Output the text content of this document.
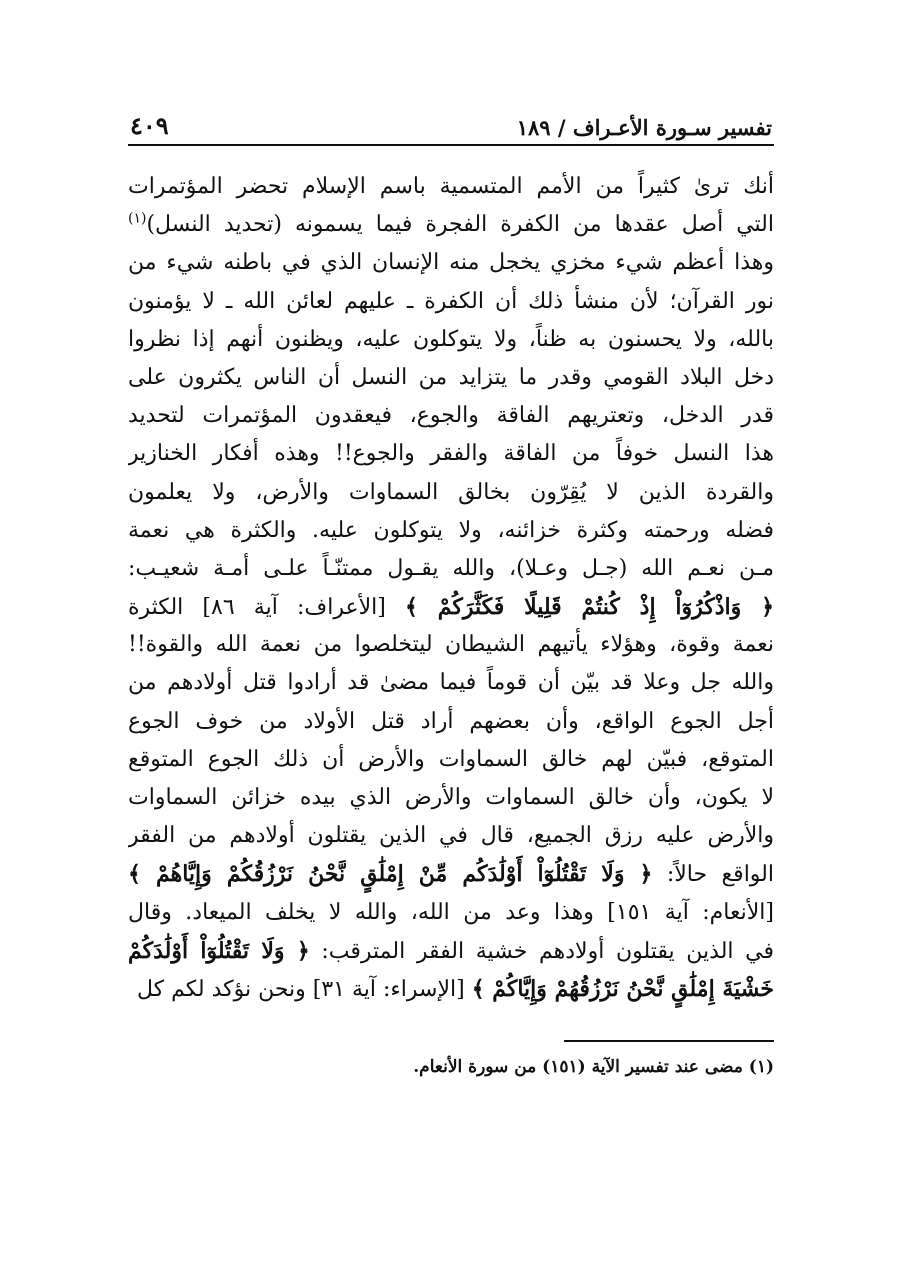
تفسير سـورة الأعـراف / ١٨٩
٤٠٩
أنك ترىٰ كثيراً من الأمم المتسمية باسم الإسلام تحضر المؤتمرات
التي أصل عقدها من الكفرة الفجرة فيما يسمونه (تحديد النسل)$^{(١)}$
وهذا أعظم شيء مخزي يخجل منه الإنسان الذي في باطنه شيء من
نور القرآن؛ لأن منشأ ذلك أن الكفرة ـ عليهم لعائن الله ـ لا يؤمنون
بالله، ولا يحسنون به ظناً، ولا يتوكلون عليه، ويظنون أنهم إذا نظروا
دخل البلاد القومي وقدر ما يتزايد من النسل أن الناس يكثرون على
قدر الدخل، وتعتريهم الفاقة والجوع، فيعقدون المؤتمرات لتحديد
هذا النسل خوفاً من الفاقة والفقر والجوع!! وهذه أفكار الخنازير
والقردة الذين لا يُقِرّون بخالق السماوات والأرض، ولا يعلمون
فضله ورحمته وكثرة خزائنه، ولا يتوكلون عليه. والكثرة هي نعمة
مـن نعـم الله (جـل وعـلا)، والله يقـول ممتنّـاً علـى أمـة شعيـب:
﴿ وَاذْكُرُوٓاْ إِذْ كُنتُمْ قَلِيلًا فَكَثَّرَكُمْ ﴾ [الأعراف: آية ٨٦] الكثرة
نعمة وقوة، وهؤلاء يأتيهم الشيطان ليتخلصوا من نعمة الله والقوة!!
والله جل وعلا قد بيّن أن قوماً فيما مضىٰ قد أرادوا قتل أولادهم من
أجل الجوع الواقع، وأن بعضهم أراد قتل الأولاد من خوف الجوع
المتوقع، فبيّن لهم خالق السماوات والأرض أن ذلك الجوع المتوقع
لا يكون، وأن خالق السماوات والأرض الذي بيده خزائن السماوات
والأرض عليه رزق الجميع، قال في الذين يقتلون أولادهم من الفقر
الواقع حالاً: ﴿ وَلَا تَقْتُلُوٓاْ أَوْلَٰدَكُم مِّنْ إِمْلَٰقٍ نَّحْنُ نَرْزُقُكُمْ وَإِيَّاهُمْ ﴾
[الأنعام: آية ١٥١] وهذا وعد من الله، والله لا يخلف الميعاد. وقال
في الذين يقتلون أولادهم خشية الفقر المترقب: ﴿ وَلَا تَقْتُلُوٓاْ أَوْلَٰدَكُمْ
خَشْيَةَ إِمْلَٰقٍ نَّحْنُ نَرْزُقُهُمْ وَإِيَّاكُمْ ﴾ [الإسراء: آية ٣١] ونحن نؤكد لكم كل
(١) مضى عند تفسير الآية (١٥١) من سورة الأنعام.
